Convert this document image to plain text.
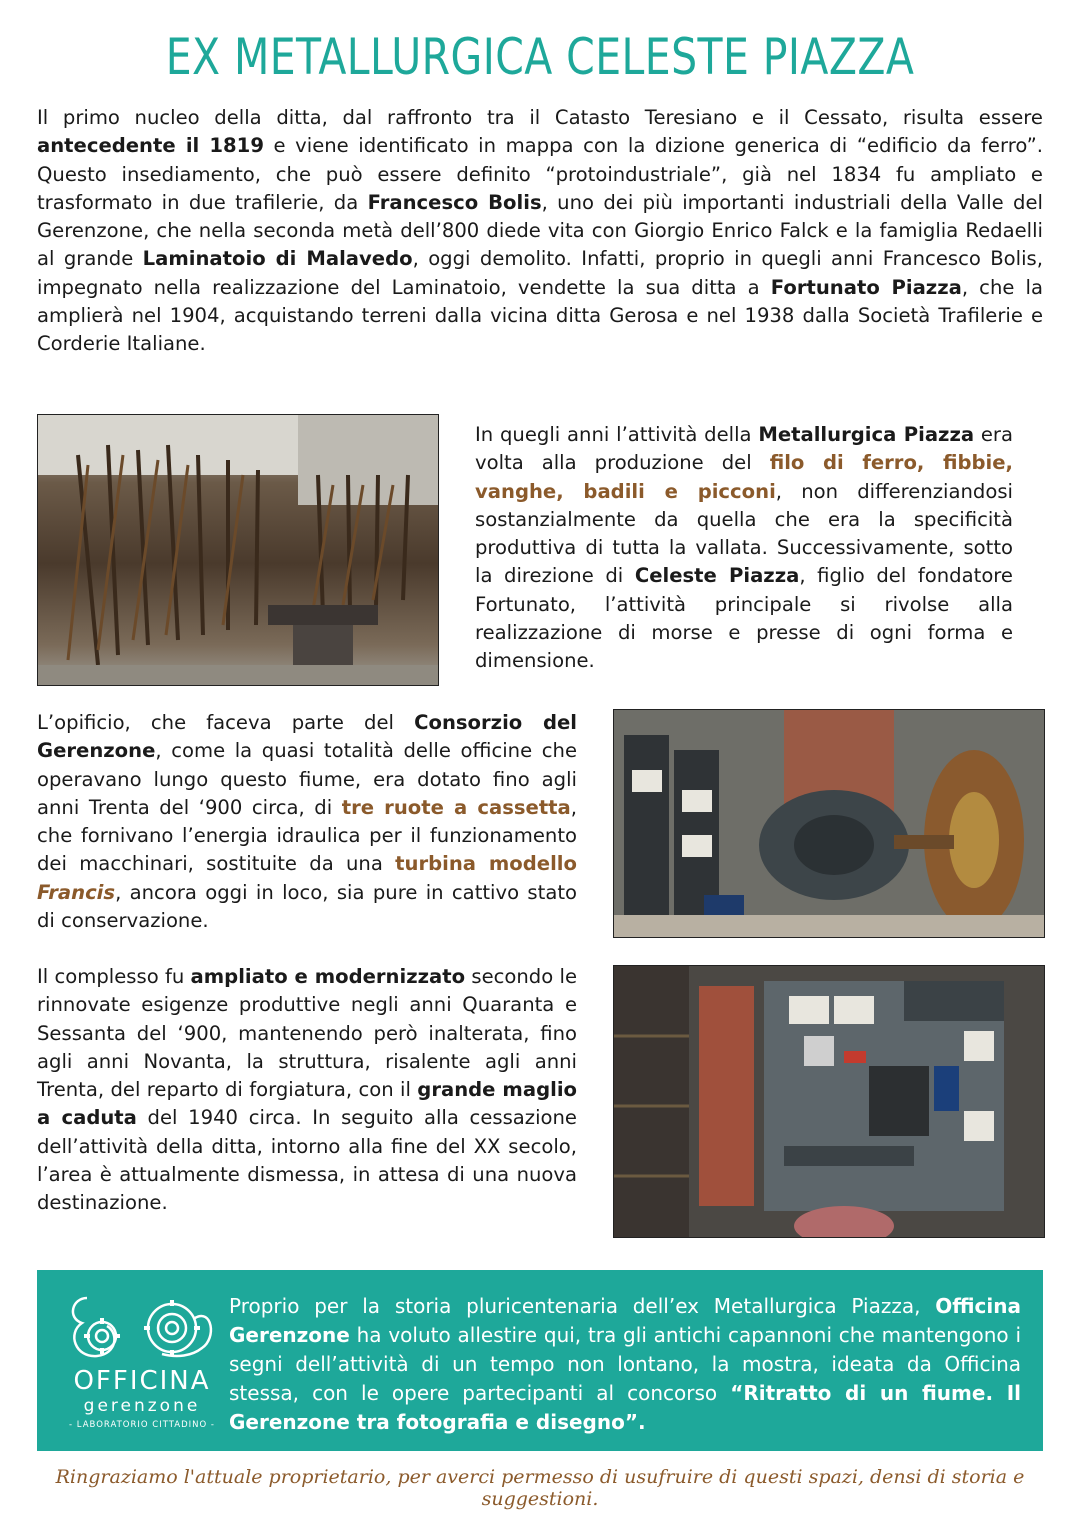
EX METALLURGICA CELESTE PIAZZA

Il primo nucleo della ditta, dal raffronto tra il Catasto Teresiano e il Cessato, risulta essere antecedente il 1819 e viene identificato in mappa con la dizione generica di “edificio da ferro”. Questo insediamento, che può essere definito “protoindustriale”, già nel 1834 fu ampliato e trasformato in due trafilerie, da Francesco Bolis, uno dei più importanti industriali della Valle del Gerenzone, che nella seconda metà dell’800 diede vita con Giorgio Enrico Falck e la famiglia Redaelli al grande Laminatoio di Malavedo, oggi demolito. Infatti, proprio in quegli anni Francesco Bolis, impegnato nella realizzazione del Laminatoio, vendette la sua ditta a Fortunato Piazza, che la amplierà nel 1904, acquistando terreni dalla vicina ditta Gerosa e nel 1938 dalla Società Trafilerie e Corderie Italiane.

In quegli anni l’attività della Metallurgica Piazza era volta alla produzione del filo di ferro, fibbie, vanghe, badili e picconi, non differenziandosi sostanzialmente da quella che era la specificità produttiva di tutta la vallata. Successivamente, sotto la direzione di Celeste Piazza, figlio del fondatore Fortunato, l’attività principale si rivolse alla realizzazione di morse e presse di ogni forma e dimensione.

L’opificio, che faceva parte del Consorzio del Gerenzone, come la quasi totalità delle officine che operavano lungo questo fiume, era dotato fino agli anni Trenta del ‘900 circa, di tre ruote a cassetta, che fornivano l’energia idraulica per il funzionamento dei macchinari, sostituite da una turbina modello Francis, ancora oggi in loco, sia pure in cattivo stato di conservazione.

Il complesso fu ampliato e modernizzato secondo le rinnovate esigenze produttive negli anni Quaranta e Sessanta del ‘900, mantenendo però inalterata, fino agli anni Novanta, la struttura, risalente agli anni Trenta, del reparto di forgiatura, con il grande maglio a caduta del 1940 circa. In seguito alla cessazione dell’attività della ditta, intorno alla fine del XX secolo, l’area è attualmente dismessa, in attesa di una nuova destinazione.

OFFICINA
gerenzone
- LABORATORIO CITTADINO -

Proprio per la storia pluricentenaria dell’ex Metallurgica Piazza, Officina Gerenzone ha voluto allestire qui, tra gli antichi capannoni che mantengono i segni dell’attività di un tempo non lontano, la mostra, ideata da Officina stessa, con le opere partecipanti al concorso “Ritratto di un fiume. Il Gerenzone tra fotografia e disegno”.

Ringraziamo l'attuale proprietario, per averci permesso di usufruire di questi spazi, densi di storia e suggestioni.
